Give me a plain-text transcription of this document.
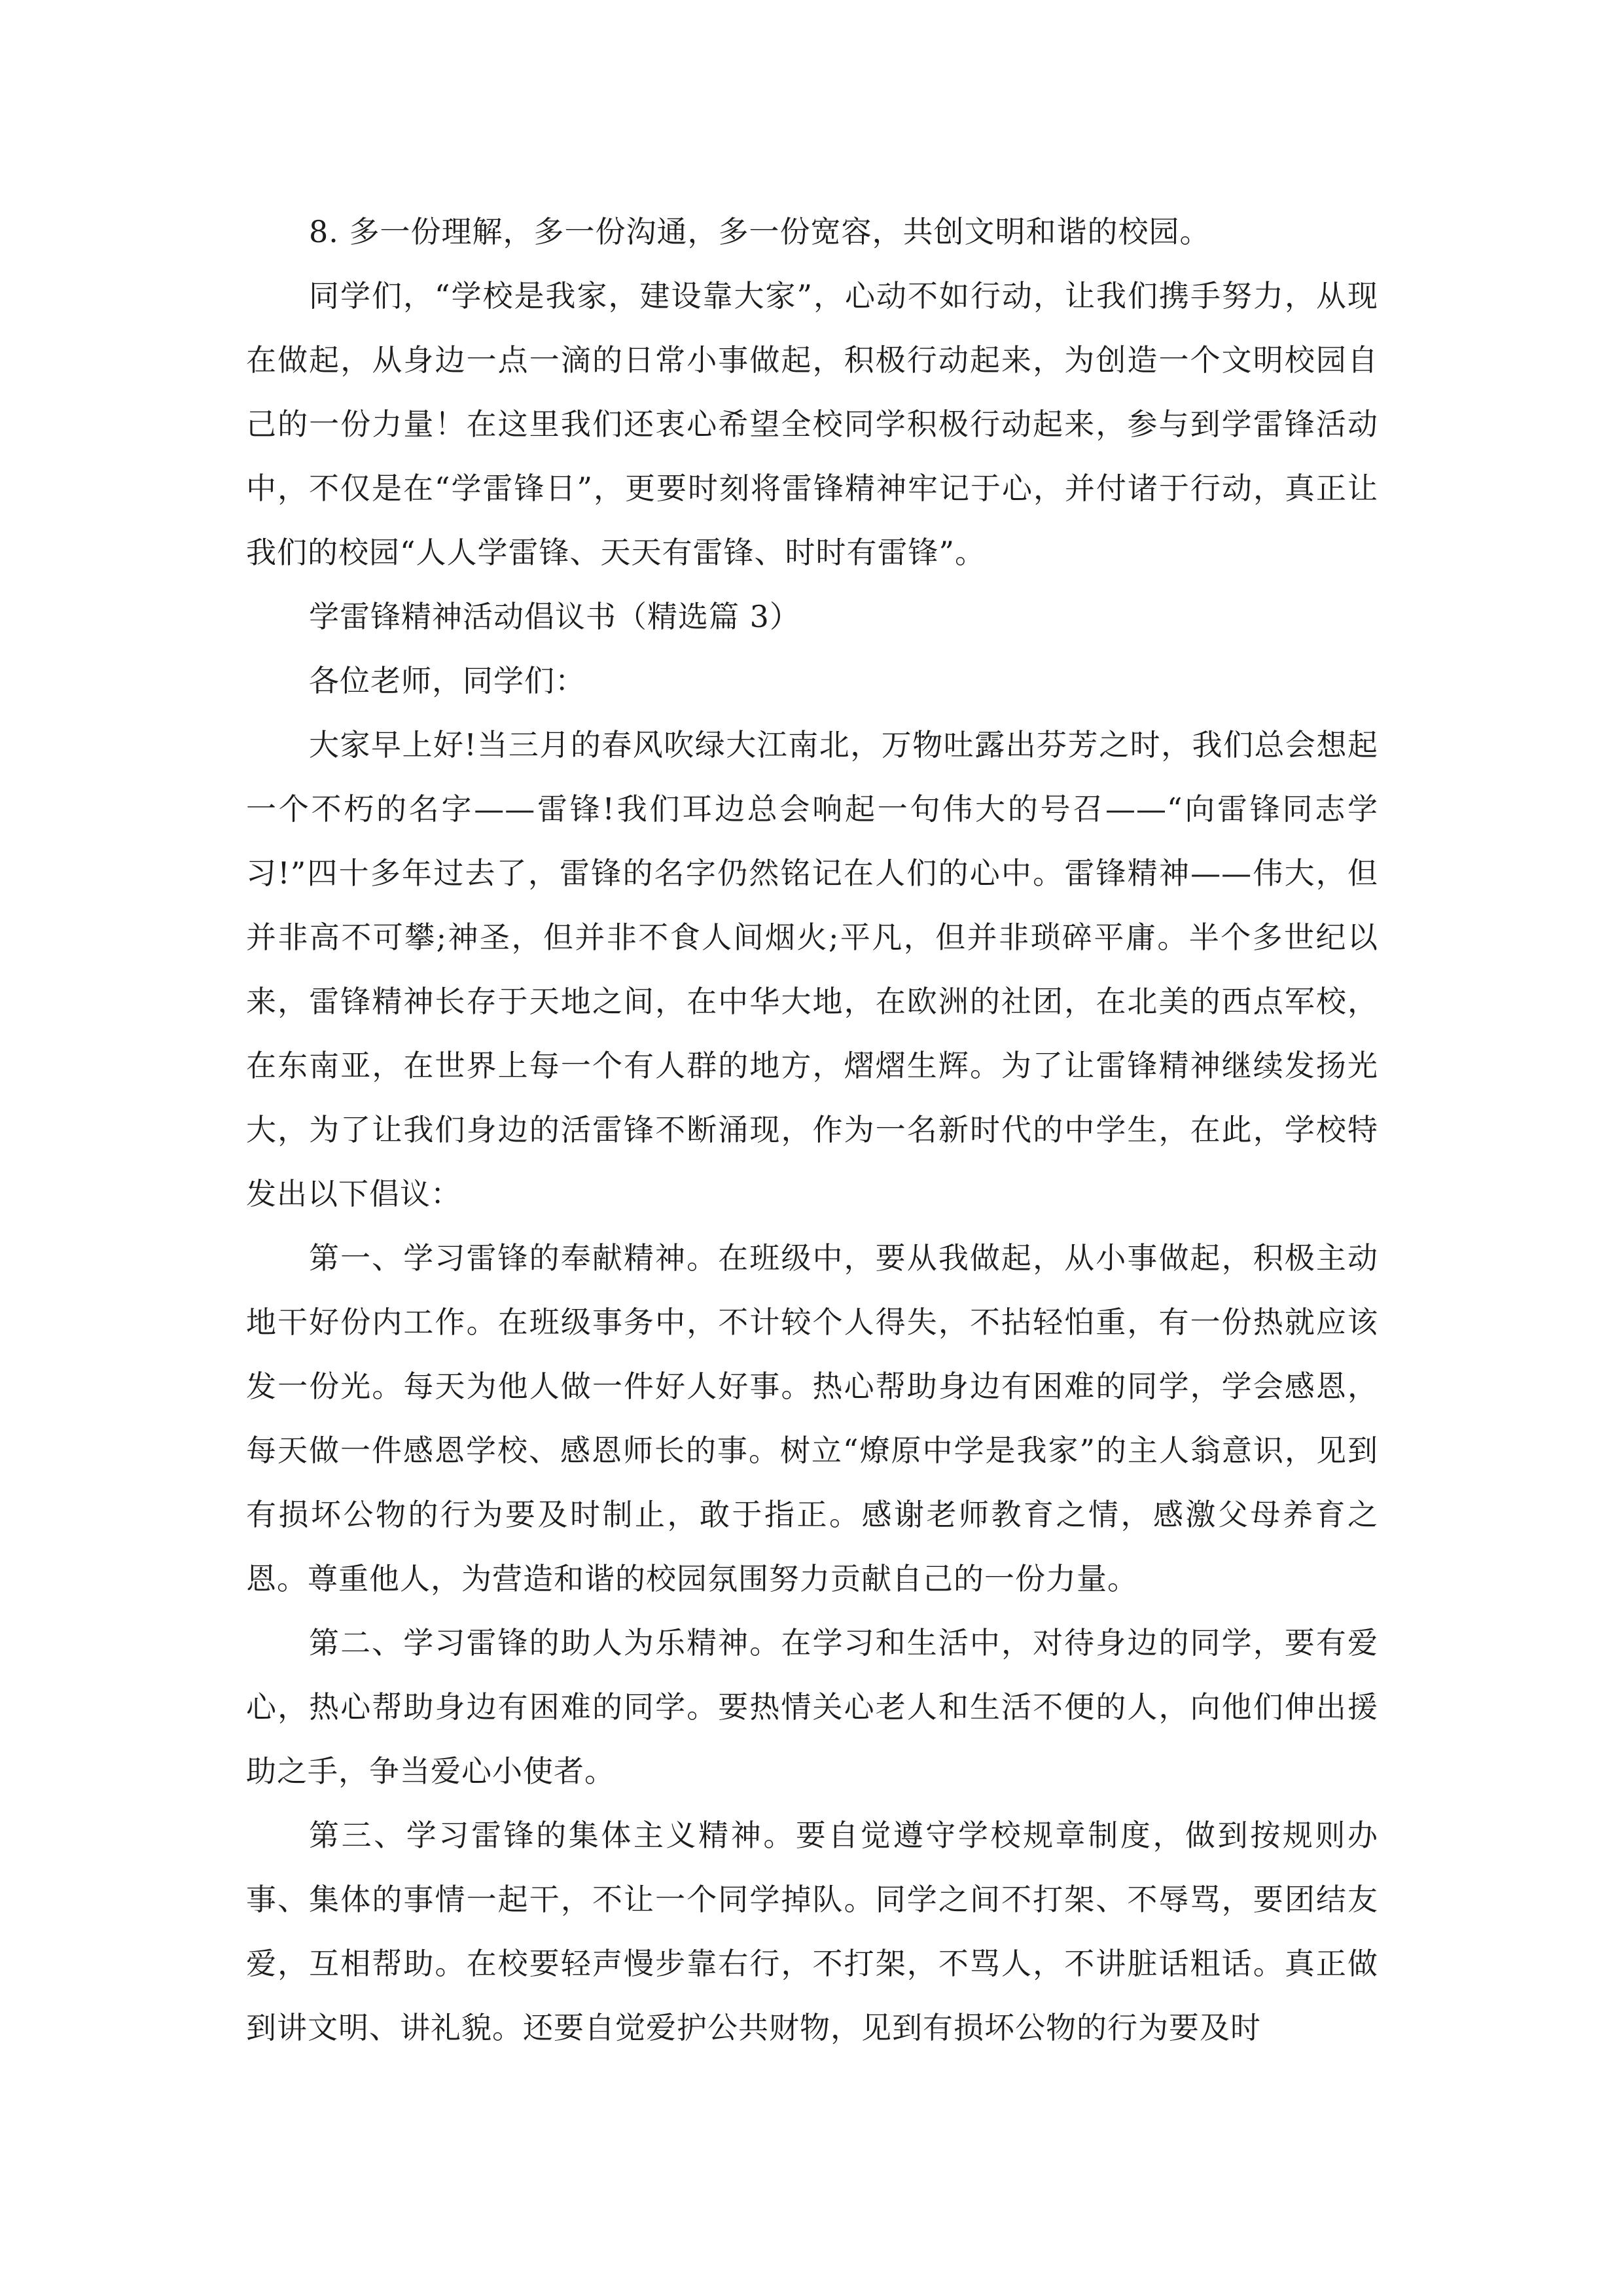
8. 多一份理解，多一份沟通，多一份宽容，共创文明和谐的校园。

同学们，“学校是我家，建设靠大家”，心动不如行动，让我们携手努力，从现在做起，从身边一点一滴的日常小事做起，积极行动起来，为创造一个文明校园自己的一份力量！在这里我们还衷心希望全校同学积极行动起来，参与到学雷锋活动中，不仅是在“学雷锋日”，更要时刻将雷锋精神牢记于心，并付诸于行动，真正让我们的校园“人人学雷锋、天天有雷锋、时时有雷锋”。

学雷锋精神活动倡议书（精选篇 3）

各位老师，同学们：

大家早上好!当三月的春风吹绿大江南北，万物吐露出芬芳之时，我们总会想起一个不朽的名字——雷锋!我们耳边总会响起一句伟大的号召——“向雷锋同志学习!”四十多年过去了，雷锋的名字仍然铭记在人们的心中。雷锋精神——伟大，但并非高不可攀;神圣，但并非不食人间烟火;平凡，但并非琐碎平庸。半个多世纪以来，雷锋精神长存于天地之间，在中华大地，在欧洲的社团，在北美的西点军校，在东南亚，在世界上每一个有人群的地方，熠熠生辉。为了让雷锋精神继续发扬光大，为了让我们身边的活雷锋不断涌现，作为一名新时代的中学生，在此，学校特发出以下倡议：

第一、学习雷锋的奉献精神。在班级中，要从我做起，从小事做起，积极主动地干好份内工作。在班级事务中，不计较个人得失，不拈轻怕重，有一份热就应该发一份光。每天为他人做一件好人好事。热心帮助身边有困难的同学，学会感恩，每天做一件感恩学校、感恩师长的事。树立“燎原中学是我家”的主人翁意识，见到有损坏公物的行为要及时制止，敢于指正。感谢老师教育之情，感激父母养育之恩。尊重他人，为营造和谐的校园氛围努力贡献自己的一份力量。

第二、学习雷锋的助人为乐精神。在学习和生活中，对待身边的同学，要有爱心，热心帮助身边有困难的同学。要热情关心老人和生活不便的人，向他们伸出援助之手，争当爱心小使者。

第三、学习雷锋的集体主义精神。要自觉遵守学校规章制度，做到按规则办事、集体的事情一起干，不让一个同学掉队。同学之间不打架、不辱骂，要团结友爱，互相帮助。在校要轻声慢步靠右行，不打架，不骂人，不讲脏话粗话。真正做到讲文明、讲礼貌。还要自觉爱护公共财物，见到有损坏公物的行为要及时
